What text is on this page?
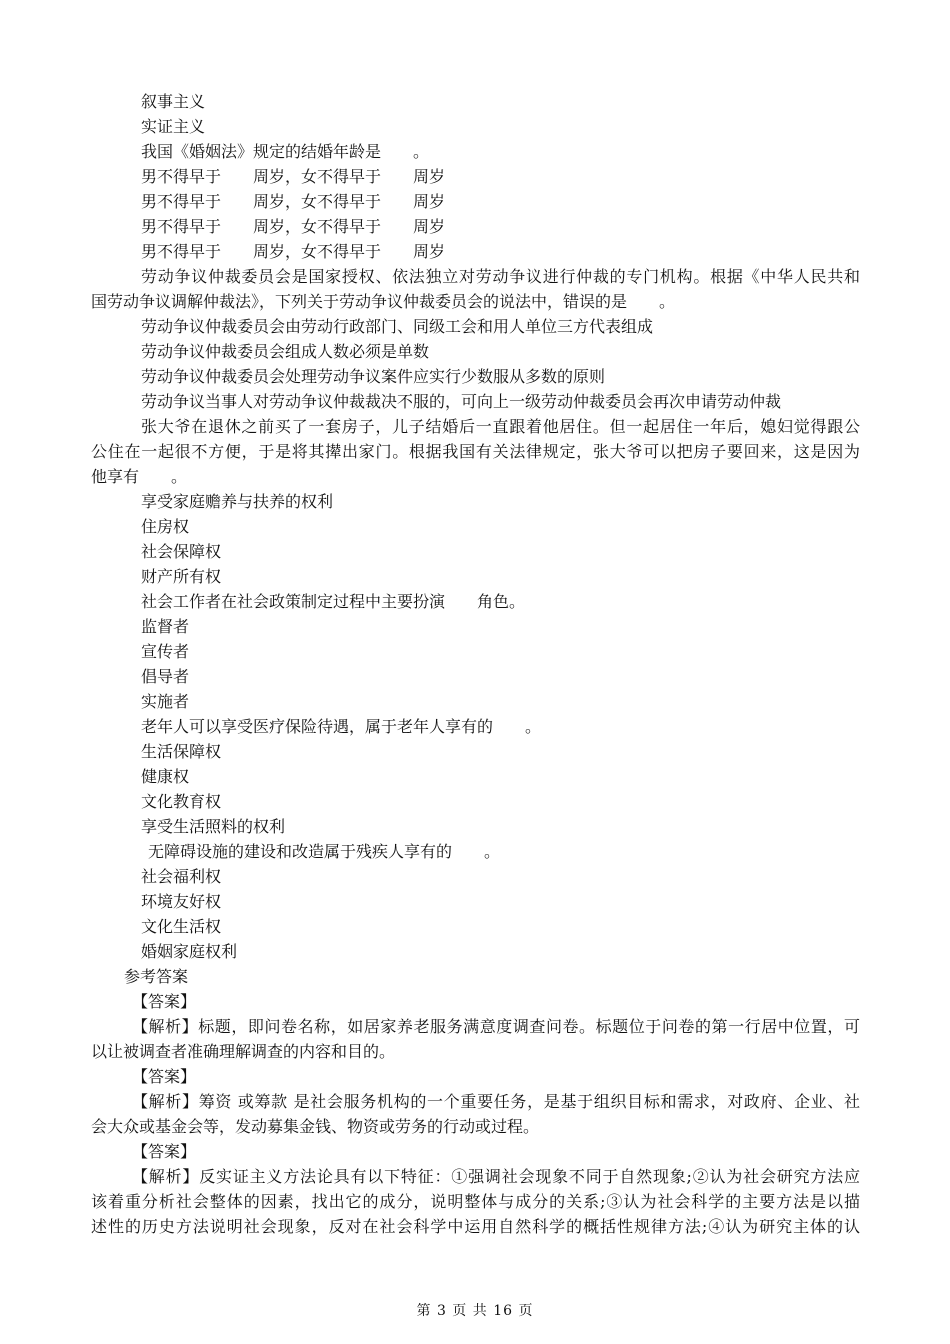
叙事主义
实证主义
我国《婚姻法》规定的结婚年龄是　　。
男不得早于　　周岁，女不得早于　　周岁
男不得早于　　周岁，女不得早于　　周岁
男不得早于　　周岁，女不得早于　　周岁
男不得早于　　周岁，女不得早于　　周岁
劳动争议仲裁委员会是国家授权、依法独立对劳动争议进行仲裁的专门机构。根据《中华人民共和
国劳动争议调解仲裁法》，下列关于劳动争议仲裁委员会的说法中，错误的是　　。
劳动争议仲裁委员会由劳动行政部门、同级工会和用人单位三方代表组成
劳动争议仲裁委员会组成人数必须是单数
劳动争议仲裁委员会处理劳动争议案件应实行少数服从多数的原则
劳动争议当事人对劳动争议仲裁裁决不服的，可向上一级劳动仲裁委员会再次申请劳动仲裁
张大爷在退休之前买了一套房子，儿子结婚后一直跟着他居住。但一起居住一年后，媳妇觉得跟公
公住在一起很不方便，于是将其撵出家门。根据我国有关法律规定，张大爷可以把房子要回来，这是因为
他享有　　。
享受家庭赡养与扶养的权利
住房权
社会保障权
财产所有权
社会工作者在社会政策制定过程中主要扮演　　角色。
监督者
宣传者
倡导者
实施者
老年人可以享受医疗保险待遇，属于老年人享有的　　。
生活保障权
健康权
文化教育权
享受生活照料的权利
无障碍设施的建设和改造属于残疾人享有的　　。
社会福利权
环境友好权
文化生活权
婚姻家庭权利
参考答案
【答案】
【解析】标题，即问卷名称，如居家养老服务满意度调查问卷。标题位于问卷的第一行居中位置，可
以让被调查者准确理解调查的内容和目的。
【答案】
【解析】筹资 或筹款 是社会服务机构的一个重要任务，是基于组织目标和需求，对政府、企业、社
会大众或基金会等，发动募集金钱、物资或劳务的行动或过程。
【答案】
【解析】反实证主义方法论具有以下特征：①强调社会现象不同于自然现象;②认为社会研究方法应
该着重分析社会整体的因素，找出它的成分，说明整体与成分的关系;③认为社会科学的主要方法是以描
述性的历史方法说明社会现象，反对在社会科学中运用自然科学的概括性规律方法;④认为研究主体的认
第 3 页 共 16 页
